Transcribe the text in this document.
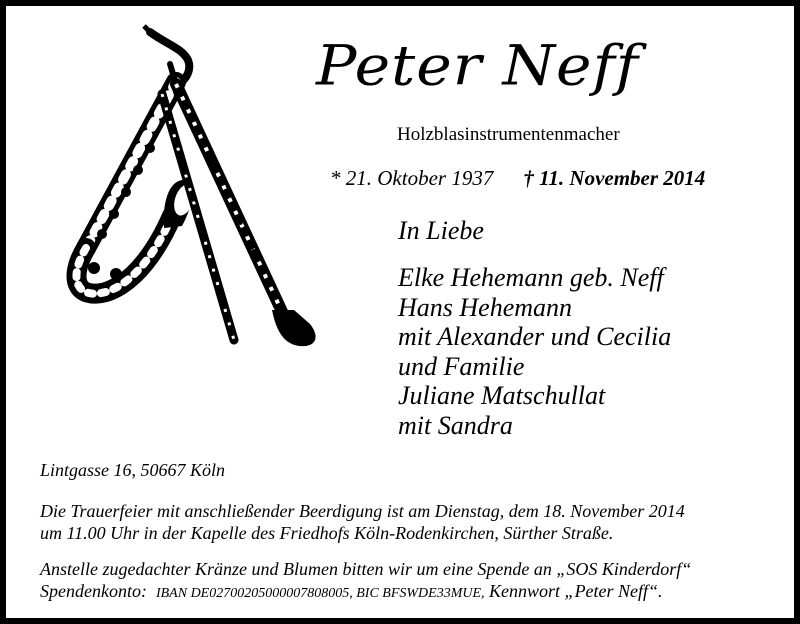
Peter Neff
Holzblasinstrumentenmacher
* 21. Oktober 1937 † 11. November 2014
In Liebe
Elke Hehemann geb. Neff
Hans Hehemann
mit Alexander und Cecilia
und Familie
Juliane Matschullat
mit Sandra
Lintgasse 16, 50667 Köln
Die Trauerfeier mit anschließender Beerdigung ist am Dienstag, dem 18. November 2014
um 11.00 Uhr in der Kapelle des Friedhofs Köln-Rodenkirchen, Sürther Straße.
Anstelle zugedachter Kränze und Blumen bitten wir um eine Spende an „SOS Kinderdorf“
Spendenkonto: IBAN DE02700205000007808005, BIC BFSWDE33MUE, Kennwort „Peter Neff“.
